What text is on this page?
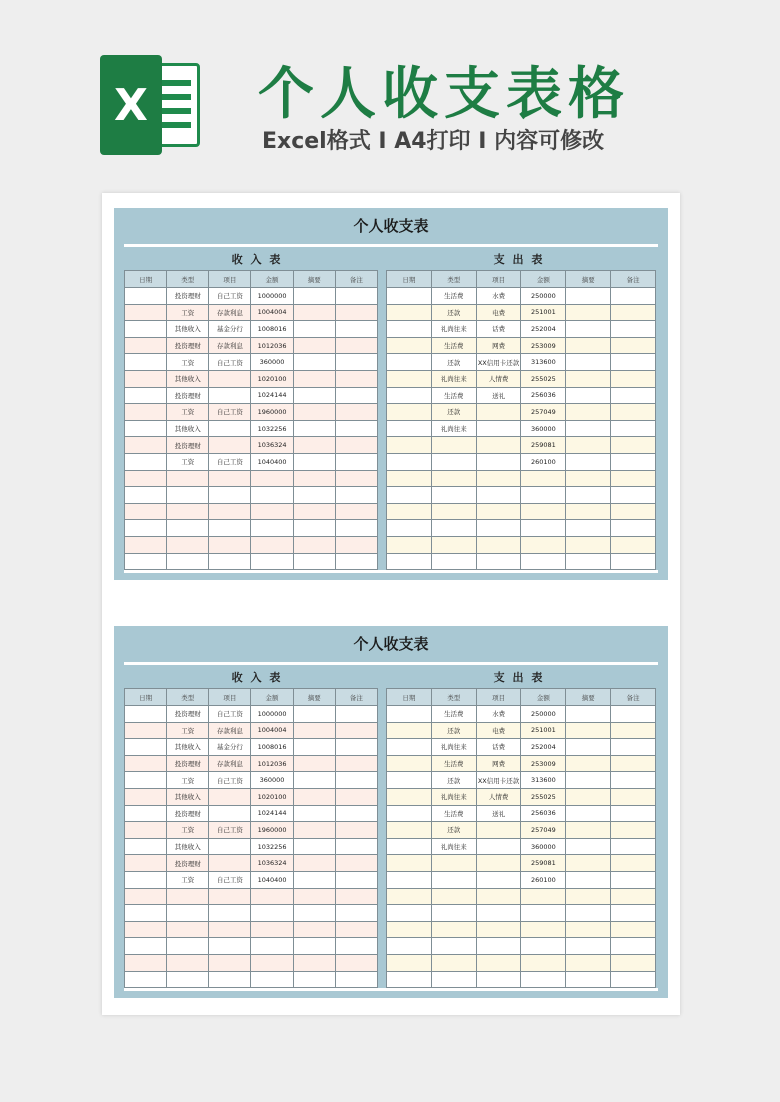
X 个人收支表格
Excel格式 I A4打印 I 内容可修改
个人收支表
收 入 表	支 出 表
日期	类型	项目	金额	摘要	备注
	投资理财	自己工资	1000000		
	工资	存款利息	1004004		
	其他收入	基金分行	1008016		
	投资理财	存款利息	1012036		
	工资	自己工资	360000		
	其他收入		1020100		
	投资理财		1024144		
	工资	自己工资	1960000		
	其他收入		1032256		
	投资理财		1036324		
	工资	自己工资	1040400		

日期	类型	项目	金额	摘要	备注
	生活费	水费	250000		
	还款	电费	251001		
	礼尚往来	话费	252004		
	生活费	网费	253009		
	还款	XX信用卡还款	313600		
	礼尚往来	人情费	255025		
	生活费	送礼	256036		
	还款		257049		
	礼尚往来		360000		
			259081		
			260100		

个人收支表
收 入 表	支 出 表
日期	类型	项目	金额	摘要	备注
	投资理财	自己工资	1000000		
	工资	存款利息	1004004		
	其他收入	基金分行	1008016		
	投资理财	存款利息	1012036		
	工资	自己工资	360000		
	其他收入		1020100		
	投资理财		1024144		
	工资	自己工资	1960000		
	其他收入		1032256		
	投资理财		1036324		
	工资	自己工资	1040400		

日期	类型	项目	金额	摘要	备注
	生活费	水费	250000		
	还款	电费	251001		
	礼尚往来	话费	252004		
	生活费	网费	253009		
	还款	XX信用卡还款	313600		
	礼尚往来	人情费	255025		
	生活费	送礼	256036		
	还款		257049		
	礼尚往来		360000		
			259081		
			260100		
